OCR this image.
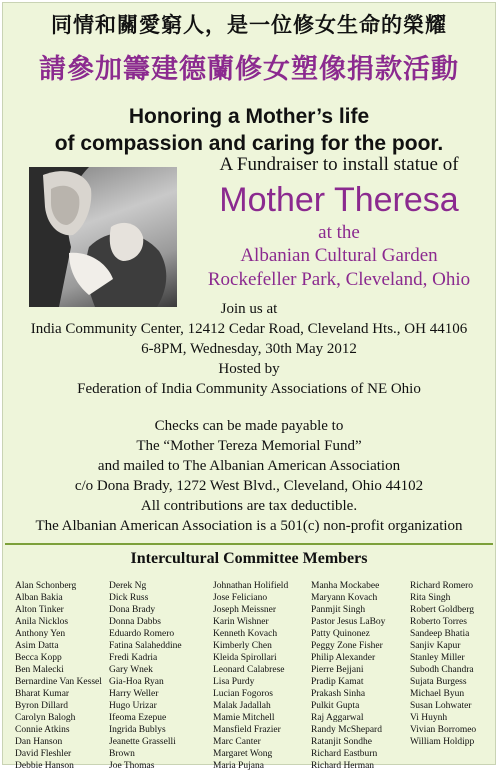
同情和關愛窮人，是一位修女生命的榮耀
請參加籌建德蘭修女塑像捐款活動
Honoring a Mother’s life
of compassion and caring for the poor.
A Fundraiser to install statue of
Mother Theresa
at the
Albanian Cultural Garden
Rockefeller Park, Cleveland, Ohio
Join us at
India Community Center, 12412 Cedar Road, Cleveland Hts., OH 44106
6-8PM, Wednesday, 30th May 2012
Hosted by
Federation of India Community Associations of NE Ohio
Checks can be made payable to
The “Mother Tereza Memorial Fund”
and mailed to The Albanian American Association
c/o Dona Brady, 1272 West Blvd., Cleveland, Ohio 44102
All contributions are tax deductible.
The Albanian American Association is a 501(c) non-profit organization
Intercultural Committee Members
Alan Schonberg
Alban Bakia
Alton Tinker
Anila Nicklos
Anthony Yen
Asim Datta
Becca Kopp
Ben Malecki
Bernardine Van Kessel
Bharat Kumar
Byron Dillard
Carolyn Balogh
Connie Atkins
Dan Hanson
David Fleshler
Debbie Hanson
Derek Ng
Dick Russ
Dona Brady
Donna Dabbs
Eduardo Romero
Fatina Salaheddine
Fredi Kadria
Gary Wnek
Gia-Hoa Ryan
Harry Weller
Hugo Urizar
Ifeoma Ezepue
Ingrida Bublys
Jeanette Grasselli
Brown
Joe Thomas
Johnathan Holifield
Jose Feliciano
Joseph Meissner
Karin Wishner
Kenneth Kovach
Kimberly Chen
Kleida Spirollari
Leonard Calabrese
Lisa Purdy
Lucian Fogoros
Malak Jadallah
Mamie Mitchell
Mansfield Frazier
Marc Canter
Margaret Wong
Maria Pujana
Manha Mockabee
Maryann Kovach
Panmjit Singh
Pastor Jesus LaBoy
Patty Quinonez
Peggy Zone Fisher
Philip Alexander
Pierre Bejjani
Pradip Kamat
Prakash Sinha
Pulkit Gupta
Raj Aggarwal
Randy McShepard
Ratanjit Sondhe
Richard Eastburn
Richard Herman
Richard Romero
Rita Singh
Robert Goldberg
Roberto Torres
Sandeep Bhatia
Sanjiv Kapur
Stanley Miller
Subodh Chandra
Sujata Burgess
Michael Byun
Susan Lohwater
Vi Huynh
Vivian Borromeo
William Holdipp
